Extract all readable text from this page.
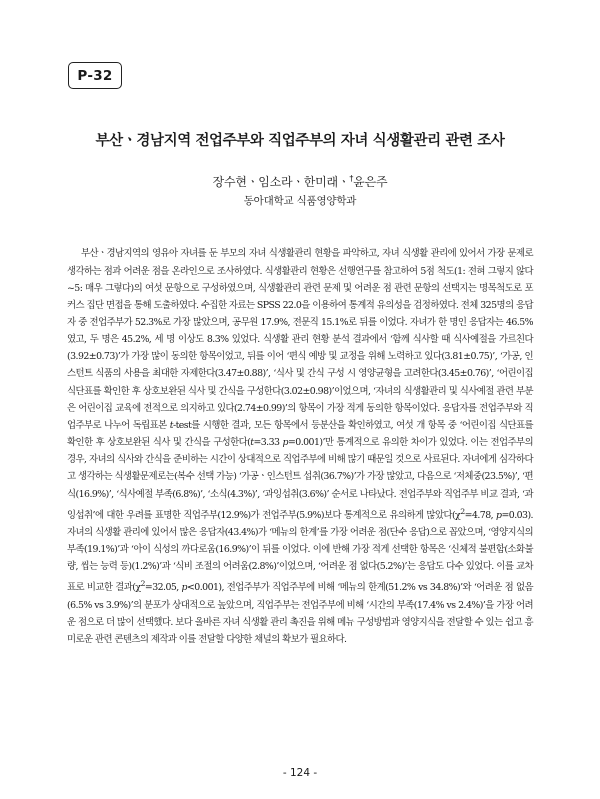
P-32
부산ㆍ경남지역 전업주부와 직업주부의 자녀 식생활관리 관련 조사
장수현ㆍ임소라ㆍ한미래ㆍ†윤은주
동아대학교 식품영양학과

부산ㆍ경남지역의 영유아 자녀를 둔 부모의 자녀 식생활관리 현황을 파악하고, 자녀 식생활 관리에 있어서 가장 문제로 생각하는 점과 어려운 점을 온라인으로 조사하였다. 식생활관리 현황은 선행연구를 참고하여 5점 척도(1: 전혀 그렇지 않다~5: 매우 그렇다)의 여섯 문항으로 구성하였으며, 식생활관리 관련 문제 및 어려운 점 관련 문항의 선택지는 명목척도로 포커스 집단 면접을 통해 도출하였다. 수집한 자료는 SPSS 22.0을 이용하여 통계적 유의성을 검정하였다. 전체 325명의 응답자 중 전업주부가 52.3%로 가장 많았으며, 공무원 17.9%, 전문직 15.1%로 뒤를 이었다. 자녀가 한 명인 응답자는 46.5%였고, 두 명은 45.2%, 세 명 이상도 8.3% 있었다. 식생활 관리 현황 분석 결과에서 ‘함께 식사할 때 식사예절을 가르친다(3.92±0.73)’가 가장 많이 동의한 항목이었고, 뒤를 이어 ‘편식 예방 및 교정을 위해 노력하고 있다(3.81±0.75)’, ‘가공, 인스턴트 식품의 사용을 최대한 자제한다(3.47±0.88)’, ‘식사 및 간식 구성 시 영양균형을 고려한다(3.45±0.76)’, ‘어린이집 식단표를 확인한 후 상호보완된 식사 및 간식을 구성한다(3.02±0.98)’이었으며, ‘자녀의 식생활관리 및 식사예절 관련 부분은 어린이집 교육에 전적으로 의지하고 있다(2.74±0.99)’의 항목이 가장 적게 동의한 항목이었다. 응답자를 전업주부와 직업주부로 나누어 독립표본 t-test를 시행한 결과, 모든 항목에서 등분산을 확인하였고, 여섯 개 항목 중 ‘어린이집 식단표를 확인한 후 상호보완된 식사 및 간식을 구성한다(t=3.33 p=0.001)’만 통계적으로 유의한 차이가 있었다. 이는 전업주부의 경우, 자녀의 식사와 간식을 준비하는 시간이 상대적으로 직업주부에 비해 많기 때문일 것으로 사료된다. 자녀에게 심각하다고 생각하는 식생활문제로는(복수 선택 가능) ‘가공ㆍ인스턴트 섭취(36.7%)’가 가장 많았고, 다음으로 ‘저체중(23.5%)’, ‘편식(16.9%)’, ‘식사예절 부족(6.8%)’, ‘소식(4.3%)’, ‘과잉섭취(3.6%)’ 순서로 나타났다. 전업주부와 직업주부 비교 결과, ‘과잉섭취’에 대한 우려를 표명한 직업주부(12.9%)가 전업주부(5.9%)보다 통계적으로 유의하게 많았다($\chi^2=4.78$, p=0.03). 자녀의 식생활 관리에 있어서 많은 응답자(43.4%)가 ‘메뉴의 한계’를 가장 어려운 점(단수 응답)으로 꼽았으며, ‘영양지식의 부족(19.1%)’과 ‘아이 식성의 까다로움(16.9%)’이 뒤를 이었다. 이에 반해 가장 적게 선택한 항목은 ‘신체적 불편함(소화불량, 씹는 능력 등)(1.2%)’과 ‘식비 조절의 어려움(2.8%)’이었으며, ‘어려운 점 없다(5.2%)’는 응답도 다수 있었다. 이를 교차표로 비교한 결과($\chi^2=32.05$, p<0.001), 전업주부가 직업주부에 비해 ‘메뉴의 한계(51.2% vs 34.8%)’와 ‘어려운 점 없음(6.5% vs 3.9%)’의 분포가 상대적으로 높았으며, 직업주부는 전업주부에 비해 ‘시간의 부족(17.4% vs 2.4%)’을 가장 어려운 점으로 더 많이 선택했다. 보다 올바른 자녀 식생활 관리 촉진을 위해 메뉴 구성방법과 영양지식을 전달할 수 있는 쉽고 흥미로운 관련 콘텐츠의 제작과 이를 전달할 다양한 채널의 확보가 필요하다.

- 124 -
